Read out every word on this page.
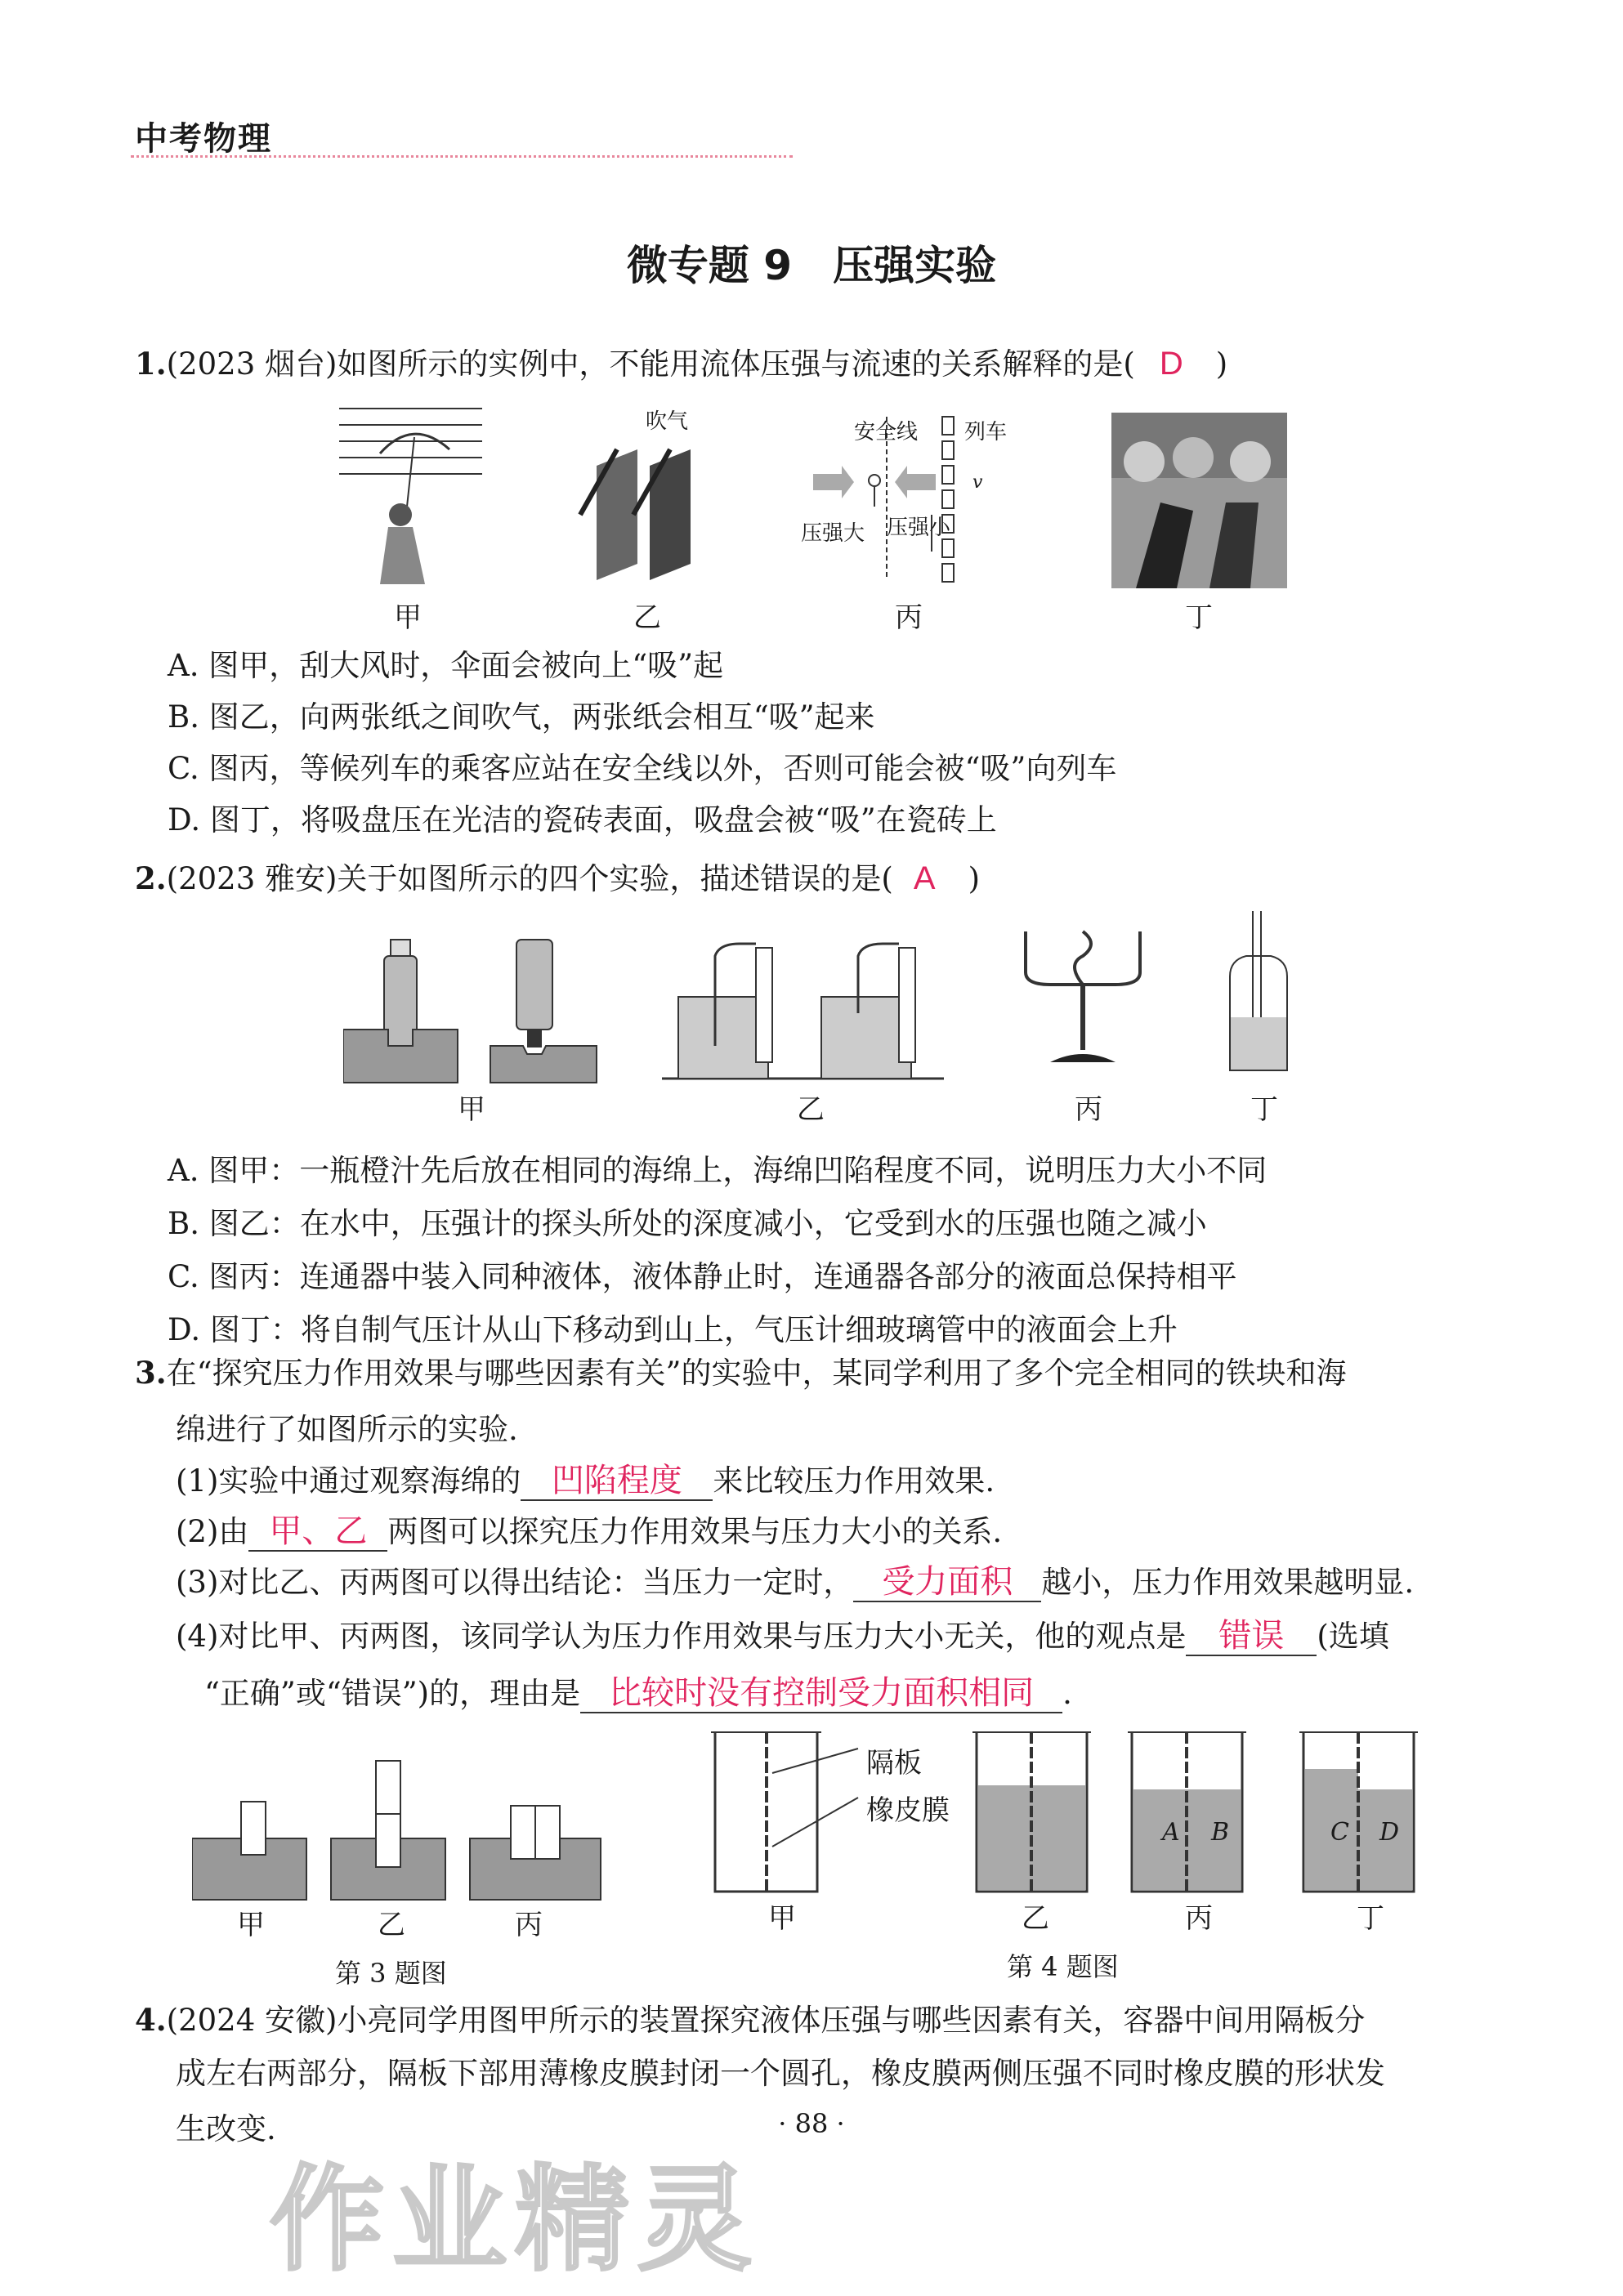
中考物理
微专题 9　压强实验
1.(2023 烟台)如图所示的实例中，不能用流体压强与流速的关系解释的是( D )
吹气	安全线 列车
v
压强大 压强小
甲	乙	丙	丁
A. 图甲，刮大风时，伞面会被向上“吸”起
B. 图乙，向两张纸之间吹气，两张纸会相互“吸”起来
C. 图丙，等候列车的乘客应站在安全线以外，否则可能会被“吸”向列车
D. 图丁，将吸盘压在光洁的瓷砖表面，吸盘会被“吸”在瓷砖上
2.(2023 雅安)关于如图所示的四个实验，描述错误的是( A )
甲	乙	丙	丁
A. 图甲：一瓶橙汁先后放在相同的海绵上，海绵凹陷程度不同，说明压力大小不同
B. 图乙：在水中，压强计的探头所处的深度减小，它受到水的压强也随之减小
C. 图丙：连通器中装入同种液体，液体静止时，连通器各部分的液面总保持相平
D. 图丁：将自制气压计从山下移动到山上，气压计细玻璃管中的液面会上升
3.在“探究压力作用效果与哪些因素有关”的实验中，某同学利用了多个完全相同的铁块和海
绵进行了如图所示的实验.
(1)实验中通过观察海绵的 凹陷程度 来比较压力作用效果.
(2)由 甲、乙 两图可以探究压力作用效果与压力大小的关系.
(3)对比乙、丙两图可以得出结论：当压力一定时， 受力面积 越小，压力作用效果越明显.
(4)对比甲、丙两图，该同学认为压力作用效果与压力大小无关，他的观点是 错误 (选填
“正确”或“错误”)的，理由是 比较时没有控制受力面积相同 .
甲	乙	丙
第 3 题图
隔板
橡皮膜
A B	C D
甲	乙	丙	丁
第 4 题图
4.(2024 安徽)小亮同学用图甲所示的装置探究液体压强与哪些因素有关，容器中间用隔板分
成左右两部分，隔板下部用薄橡皮膜封闭一个圆孔，橡皮膜两侧压强不同时橡皮膜的形状发
生改变.	· 88 ·
作业精灵
